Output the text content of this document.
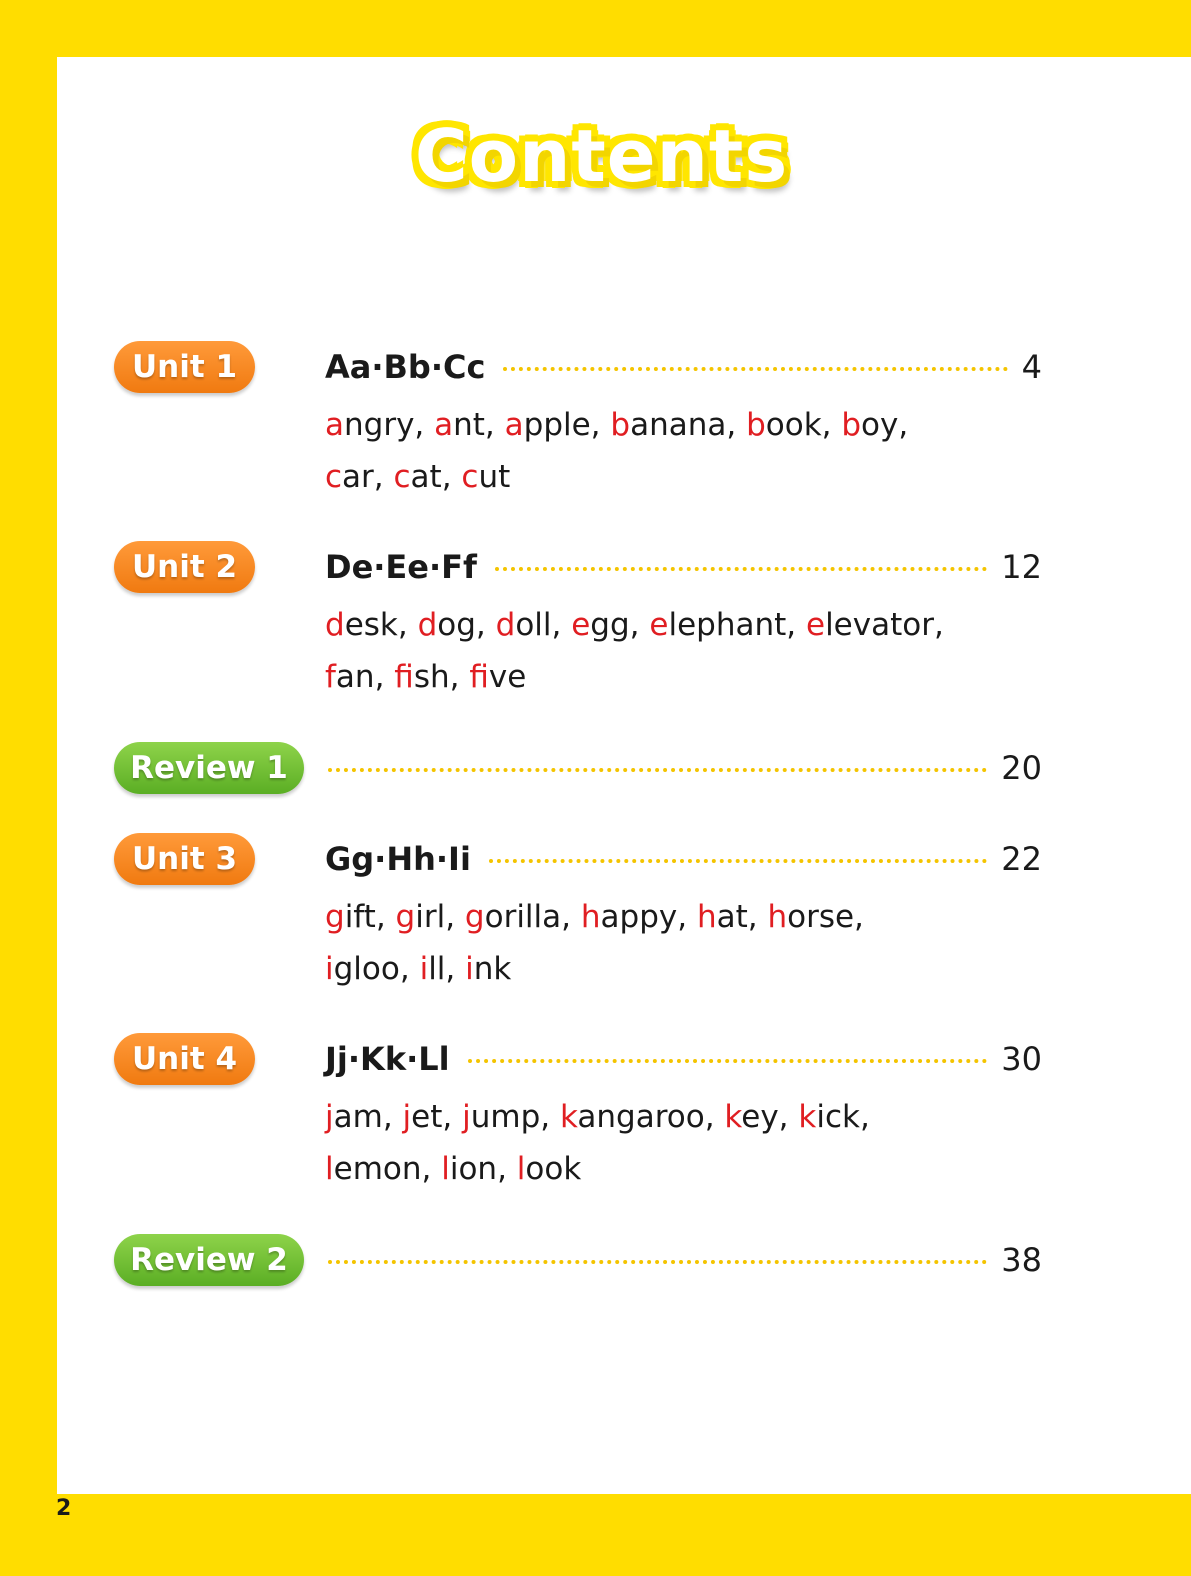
Contents
Unit 1	Aa·Bb·Cc	4
angry, ant, apple, banana, book, boy,
car, cat, cut
Unit 2	De·Ee·Ff	12
desk, dog, doll, egg, elephant, elevator,
fan, fish, five
Review 1	20
Unit 3	Gg·Hh·Ii	22
gift, girl, gorilla, happy, hat, horse,
igloo, ill, ink
Unit 4	Jj·Kk·Ll	30
jam, jet, jump, kangaroo, key, kick,
lemon, lion, look
Review 2	38
2
